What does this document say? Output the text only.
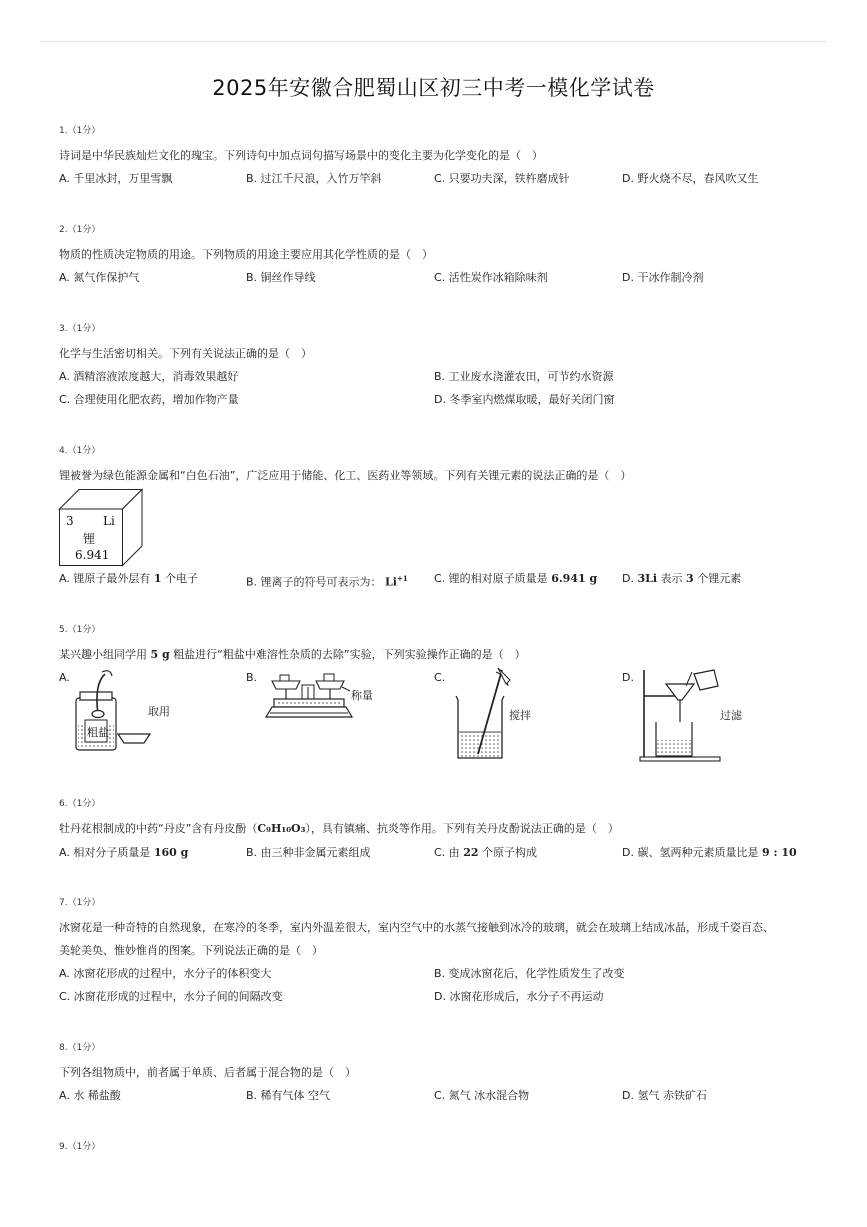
2025年安徽合肥蜀山区初三中考一模化学试卷
1.（1分）
诗词是中华民族灿烂文化的瑰宝。下列诗句中加点词句描写场景中的变化主要为化学变化的是（　）
A. 千里冰封，万里雪飘	B. 过江千尺浪，入竹万竿斜	C. 只要功夫深，铁杵磨成针	D. 野火烧不尽，春风吹又生
2.（1分）
物质的性质决定物质的用途。下列物质的用途主要应用其化学性质的是（　）
A. 氮气作保护气	B. 铜丝作导线	C. 活性炭作冰箱除味剂	D. 干冰作制冷剂
3.（1分）
化学与生活密切相关。下列有关说法正确的是（　）
A. 酒精溶液浓度越大，消毒效果越好	B. 工业废水浇灌农田，可节约水资源
C. 合理使用化肥农药，增加作物产量	D. 冬季室内燃煤取暖，最好关闭门窗
4.（1分）
锂被誉为绿色能源金属和“白色石油”，广泛应用于储能、化工、医药业等领域。下列有关锂元素的说法正确的是（　）
3 Li
锂
6.941
A. 锂原子最外层有 1 个电子	B. 锂离子的符号可表示为： $Li^{+1}$ C. 锂的相对原子质量是 6.941 g D. 3Li 表示 3 个锂元素
5.（1分）
某兴趣小组同学用 5 g 粗盐进行“粗盐中难溶性杂质的去除”实验，下列实验操作正确的是（　）
A.	B.	C.	D.
粗盐
取用
称量
搅拌	过滤
6.（1分）
牡丹花根制成的中药“丹皮”含有丹皮酚（C₉H₁₀O₃），具有镇痛、抗炎等作用。下列有关丹皮酚说法正确的是（　）
A. 相对分子质量是 160 g	B. 由三种非金属元素组成	C. 由 22 个原子构成	D. 碳、氢两种元素质量比是 9 : 10
7.（1分）
冰窗花是一种奇特的自然现象，在寒冷的冬季，室内外温差很大，室内空气中的水蒸气接触到冰冷的玻璃，就会在玻璃上结成冰晶，形成千姿百态、
美轮美奂、惟妙惟肖的图案。下列说法正确的是（　）
A. 冰窗花形成的过程中，水分子的体积变大	B. 变成冰窗花后，化学性质发生了改变
C. 冰窗花形成的过程中，水分子间的间隔改变	D. 冰窗花形成后，水分子不再运动
8.（1分）
下列各组物质中，前者属于单质、后者属于混合物的是（　）
A. 水 稀盐酸	B. 稀有气体 空气	C. 氮气 冰水混合物	D. 氢气 赤铁矿石
9.（1分）
